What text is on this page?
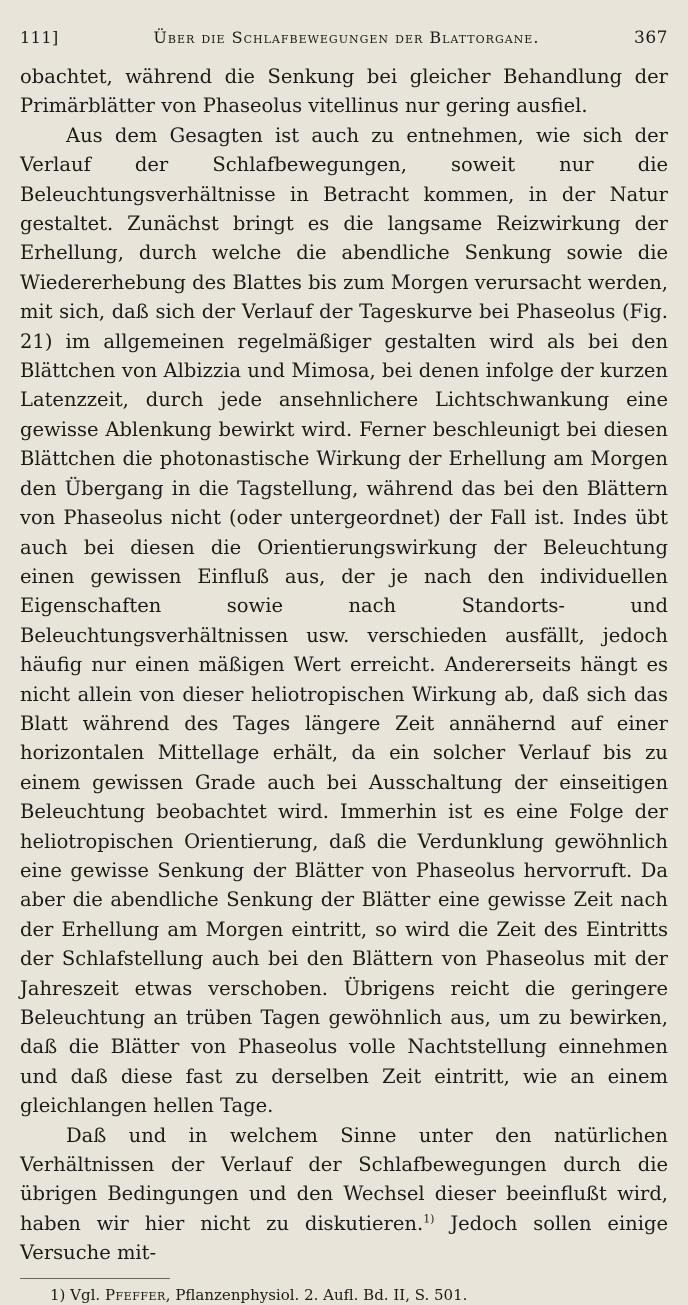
111]	Über die Schlafbewegungen der Blattorgane.	367

obachtet, während die Senkung bei gleicher Behandlung der Primärblätter von Phaseolus vitellinus nur gering ausfiel.

Aus dem Gesagten ist auch zu entnehmen, wie sich der Verlauf der Schlafbewegungen, soweit nur die Beleuchtungsverhältnisse in Betracht kommen, in der Natur gestaltet. Zunächst bringt es die langsame Reizwirkung der Erhellung, durch welche die abendliche Senkung sowie die Wiedererhebung des Blattes bis zum Morgen verursacht werden, mit sich, daß sich der Verlauf der Tageskurve bei Phaseolus (Fig. 21) im allgemeinen regelmäßiger gestalten wird als bei den Blättchen von Albizzia und Mimosa, bei denen infolge der kurzen Latenzzeit, durch jede ansehnlichere Lichtschwankung eine gewisse Ablenkung bewirkt wird. Ferner beschleunigt bei diesen Blättchen die photonastische Wirkung der Erhellung am Morgen den Übergang in die Tagstellung, während das bei den Blättern von Phaseolus nicht (oder untergeordnet) der Fall ist. Indes übt auch bei diesen die Orientierungswirkung der Beleuchtung einen gewissen Einfluß aus, der je nach den individuellen Eigenschaften sowie nach Standorts- und Beleuchtungsverhältnissen usw. verschieden ausfällt, jedoch häufig nur einen mäßigen Wert erreicht. Andererseits hängt es nicht allein von dieser heliotropischen Wirkung ab, daß sich das Blatt während des Tages längere Zeit annähernd auf einer horizontalen Mittellage erhält, da ein solcher Verlauf bis zu einem gewissen Grade auch bei Ausschaltung der einseitigen Beleuchtung beobachtet wird. Immerhin ist es eine Folge der heliotropischen Orientierung, daß die Verdunklung gewöhnlich eine gewisse Senkung der Blätter von Phaseolus hervorruft. Da aber die abendliche Senkung der Blätter eine gewisse Zeit nach der Erhellung am Morgen eintritt, so wird die Zeit des Eintritts der Schlafstellung auch bei den Blättern von Phaseolus mit der Jahreszeit etwas verschoben. Übrigens reicht die geringere Beleuchtung an trüben Tagen gewöhnlich aus, um zu bewirken, daß die Blätter von Phaseolus volle Nachtstellung einnehmen und daß diese fast zu derselben Zeit eintritt, wie an einem gleichlangen hellen Tage.

Daß und in welchem Sinne unter den natürlichen Verhältnissen der Verlauf der Schlafbewegungen durch die übrigen Bedingungen und den Wechsel dieser beeinflußt wird, haben wir hier nicht zu diskutieren.$^{1)}$ Jedoch sollen einige Versuche mit-

1) Vgl. Pfeffer, Pflanzenphysiol. 2. Aufl. Bd. II, S. 501.
